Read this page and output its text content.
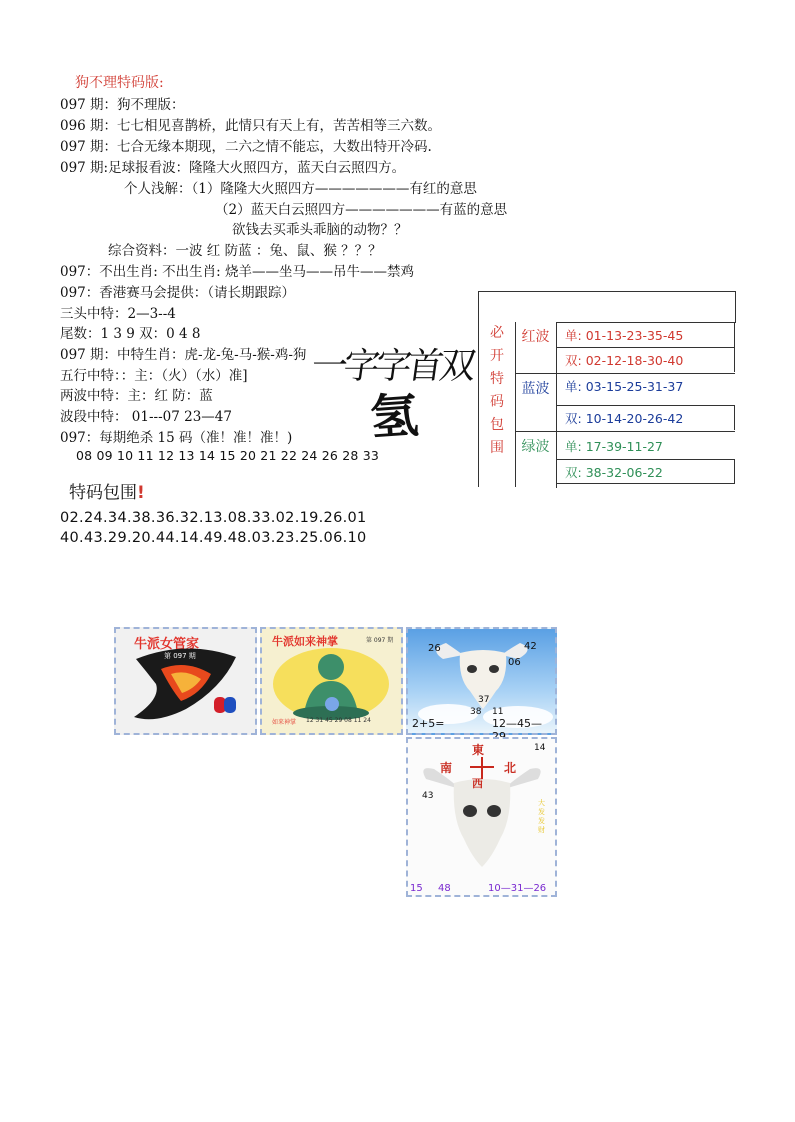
狗不理特码版:
097 期：狗不理版：
096 期：七七相见喜鹊桥，此情只有天上有，苦苦相等三六数。
097 期：七合无缘本期现，二六之情不能忘，大数出特开冷码.
097 期:足球报看波：隆隆大火照四方，蓝天白云照四方。
个人浅解：（1）隆隆大火照四方———————有红的意思
（2）蓝天白云照四方———————有蓝的意思
欲钱去买乖头乖脑的动物？？
综合资料：一波 红 防蓝 ：兔、鼠、猴 ？？？
097：不出生肖: 不出生肖: 烧羊——坐马——吊牛——禁鸡
097：香港赛马会提供：（请长期跟踪）
三头中特：2—3--4
尾数：1 3 9 双：0 4 8
097 期：中特生肖：虎-龙-兔-马-猴-鸡-狗
五行中特：：主：（火）（水）准]
两波中特：主：红 防：蓝
波段中特： 01---07 23—47
097：每期绝杀 15 码（准！准！准！)
08 09 10 11 12 13 14 15 20 21 22 24 26 28 33
一字字首双
氢
特码包围!
02.24.34.38.36.32.13.08.33.02.19.26.01
40.43.29.20.44.14.49.48.03.23.25.06.10
必开特码包围
红波	单: 01-13-23-35-45
双: 02-12-18-30-40
蓝波	单: 03-15-25-31-37
双: 10-14-20-26-42
绿波	单: 17-39-11-27
双: 38-32-06-22
牛派女管家
第 097 期
牛派如来神掌	第 097 期
如来神掌 12 31 45 29 08 11 24
26	42
06
37
38 11
2+5=	12—45—
東
南
西
北
14
43
大发发财
15 48	10—31—26
